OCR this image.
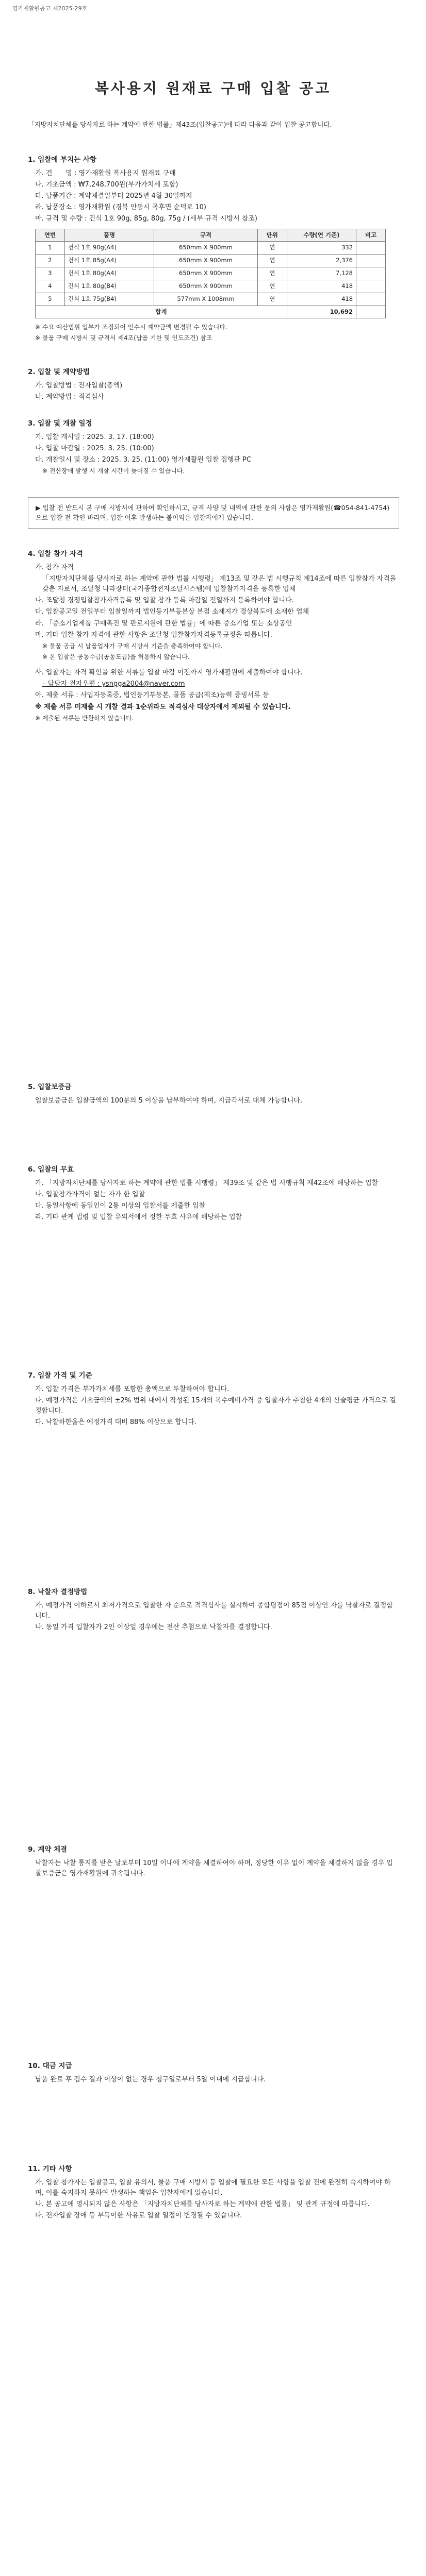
영가재활원공고 제2025-29호
복사용지 원재료 구매 입찰 공고
「지방자치단체를 당사자로 하는 계약에 관한 법률」제43조(입찰공고)에 따라 다음과 같이 입찰 공고합니다.
1. 입찰에 부치는 사항
가. 건　　명 : 영가재활원 복사용지 원재료 구매
나. 기초금액 : ₩7,248,700원(부가가치세 포함)
다. 납품기간 : 계약체결일부터 2025년 4월 30일까지
라. 납품장소 : 영가재활원 (경북 안동시 목후면 순덕로 10)
마. 규격 및 수량 : 건식 1호 90g, 85g, 80g, 75g / (세부 규격 시방서 참조)
연번	품명	규격	단위	수량(연 기준)	비고
1	건식 1호 90g(A4)	650mm X 900mm	연	332	
2	건식 1호 85g(A4)	650mm X 900mm	연	2,376	
3	건식 1호 80g(A4)	650mm X 900mm	연	7,128	
4	건식 1호 80g(B4)	650mm X 900mm	연	418	
5	건식 1호 75g(B4)	577mm X 1008mm	연	418	
합계				10,692	
※ 수요 예산범위 일부가 조정되어 인수시 계약금액 변경될 수 있습니다.
※ 물품 구매 시방서 및 규격서 제4조(납품 기한 및 인도조건) 참조
2. 입찰 및 계약방법
가. 입찰방법 : 전자입찰(총액)
나. 계약방법 : 적격심사
3. 입찰 및 개찰 일정
가. 입찰 개시일 : 2025. 3. 17. (18:00)
나. 입찰 마감일 : 2025. 3. 25. (10:00)
다. 개찰일시 및 장소 : 2025. 3. 25. (11:00) 영가재활원 입찰 집행관 PC
※ 전산장애 발생 시 개찰 시간이 늦어질 수 있습니다.
▶ 입찰 전 반드시 본 구매 시방서에 관하여 확인하시고, 규격 사양 및 내역에 관한 문의 사항은 영가재활원(☎054-841-4754)으로 입찰 전 확인 바라며, 입찰 이후 발생하는 불이익은 입찰자에게 있습니다.
4. 입찰 참가 자격
가. 참가 자격
「지방자치단체를 당사자로 하는 계약에 관한 법률 시행령」 제13조 및 같은 법 시행규칙 제14조에 따른 입찰참가 자격을 갖춘 자로서, 조달청 나라장터(국가종합전자조달시스템)에 입찰참가자격을 등록한 업체
나. 조달청 경쟁입찰참가자격등록 및 입찰 참가 등록 마감일 전일까지 등록하여야 합니다.
다. 입찰공고일 전일부터 입찰일까지 법인등기부등본상 본점 소재지가 경상북도에 소재한 업체
라. 「중소기업제품 구매촉진 및 판로지원에 관한 법률」에 따른 중소기업 또는 소상공인
마. 기타 입찰 참가 자격에 관한 사항은 조달청 입찰참가자격등록규정을 따릅니다.
※ 물품 공급 시 납품업자가 구매 시방서 기준을 충족하여야 합니다.
※ 본 입찰은 공동수급(공동도급)을 허용하지 않습니다.
사. 입찰자는 자격 확인을 위한 서류를 입찰 마감 이전까지 영가재활원에 제출하여야 합니다.
– 담당자 전자우편 : ysngga2004@naver.com
아. 제출 서류 : 사업자등록증, 법인등기부등본, 물품 공급(제조)능력 증빙서류 등
※ 제출 서류 미제출 시 개찰 결과 1순위라도 적격심사 대상자에서 제외될 수 있습니다.
※ 제출된 서류는 반환하지 않습니다.
5. 입찰보증금
입찰보증금은 입찰금액의 100분의 5 이상을 납부하여야 하며, 지급각서로 대체 가능합니다.
6. 입찰의 무효
가. 「지방자치단체를 당사자로 하는 계약에 관한 법률 시행령」 제39조 및 같은 법 시행규칙 제42조에 해당하는 입찰
나. 입찰참가자격이 없는 자가 한 입찰
다. 동일사항에 동일인이 2통 이상의 입찰서를 제출한 입찰
라. 기타 관계 법령 및 입찰 유의서에서 정한 무효 사유에 해당하는 입찰
7. 입찰 가격 및 기준
가. 입찰 가격은 부가가치세를 포함한 총액으로 투찰하여야 합니다.
나. 예정가격은 기초금액의 ±2% 범위 내에서 작성된 15개의 복수예비가격 중 입찰자가 추첨한 4개의 산술평균 가격으로 결정합니다.
다. 낙찰하한율은 예정가격 대비 88% 이상으로 합니다.
8. 낙찰자 결정방법
가. 예정가격 이하로서 최저가격으로 입찰한 자 순으로 적격심사를 실시하여 종합평점이 85점 이상인 자를 낙찰자로 결정합니다.
나. 동일 가격 입찰자가 2인 이상일 경우에는 전산 추첨으로 낙찰자를 결정합니다.
9. 계약 체결
낙찰자는 낙찰 통지를 받은 날로부터 10일 이내에 계약을 체결하여야 하며, 정당한 이유 없이 계약을 체결하지 않을 경우 입찰보증금은 영가재활원에 귀속됩니다.
10. 대금 지급
납품 완료 후 검수 결과 이상이 없는 경우 청구일로부터 5일 이내에 지급합니다.
11. 기타 사항
가. 입찰 참가자는 입찰공고, 입찰 유의서, 물품 구매 시방서 등 입찰에 필요한 모든 사항을 입찰 전에 완전히 숙지하여야 하며, 이를 숙지하지 못하여 발생하는 책임은 입찰자에게 있습니다.
나. 본 공고에 명시되지 않은 사항은 「지방자치단체를 당사자로 하는 계약에 관한 법률」 및 관계 규정에 따릅니다.
다. 전자입찰 장애 등 부득이한 사유로 입찰 일정이 변경될 수 있습니다.
